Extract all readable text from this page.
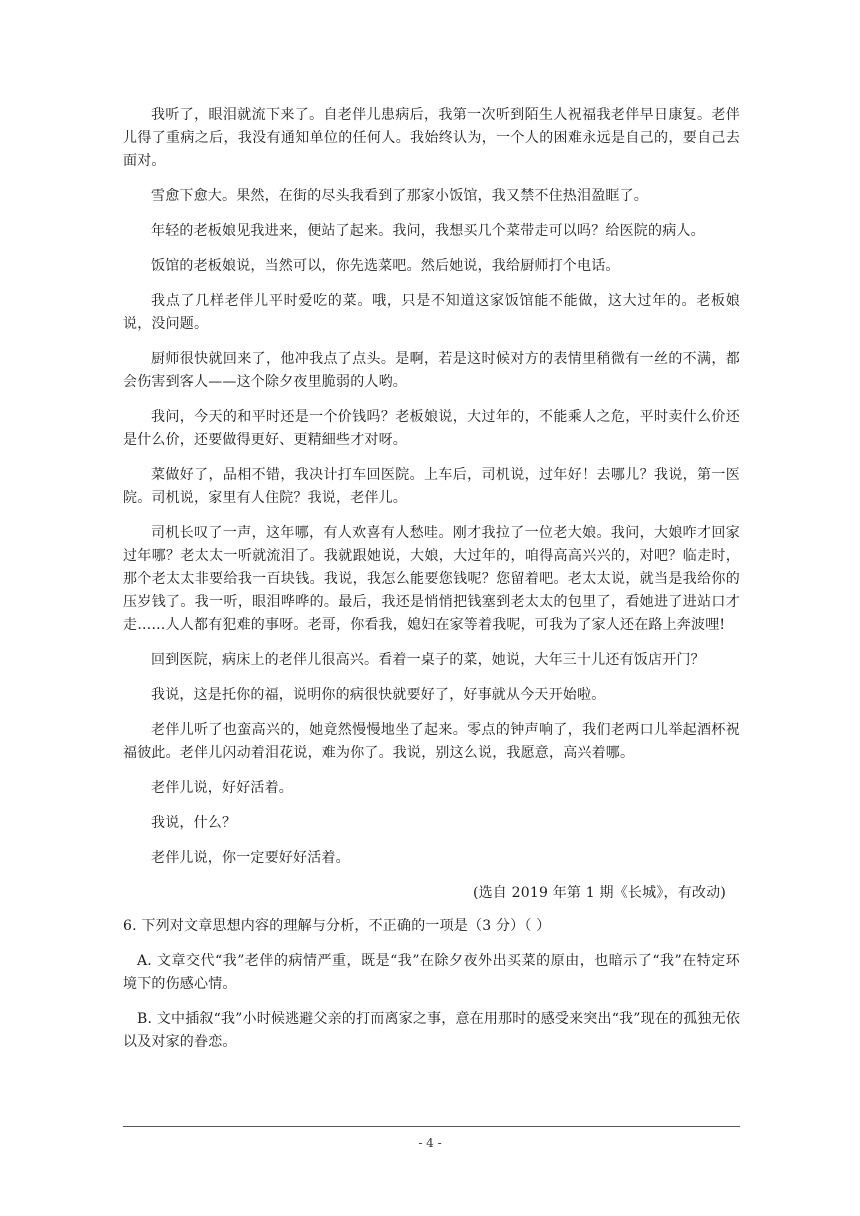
我听了，眼泪就流下来了。自老伴儿患病后，我第一次听到陌生人祝福我老伴早日康复。老伴儿得了重病之后，我没有通知单位的任何人。我始终认为，一个人的困难永远是自己的，要自己去面对。

雪愈下愈大。果然，在街的尽头我看到了那家小饭馆，我又禁不住热泪盈眶了。

年轻的老板娘见我进来，便站了起来。我问，我想买几个菜带走可以吗？给医院的病人。

饭馆的老板娘说，当然可以，你先选菜吧。然后她说，我给厨师打个电话。

我点了几样老伴儿平时爱吃的菜。哦，只是不知道这家饭馆能不能做，这大过年的。老板娘说，没问题。

厨师很快就回来了，他冲我点了点头。是啊，若是这时候对方的表情里稍微有一丝的不满，都会伤害到客人——这个除夕夜里脆弱的人哟。

我问，今天的和平时还是一个价钱吗？老板娘说，大过年的，不能乘人之危，平时卖什么价还是什么价，还要做得更好、更精細些才对呀。

菜做好了，品相不错，我决计打车回医院。上车后，司机说，过年好！去哪儿？我说，第一医院。司机说，家里有人住院？我说，老伴儿。

司机长叹了一声，这年哪，有人欢喜有人愁哇。刚才我拉了一位老大娘。我问，大娘咋才回家过年哪？老太太一听就流泪了。我就跟她说，大娘，大过年的，咱得高高兴兴的，对吧？临走时，那个老太太非要给我一百块钱。我说，我怎么能要您钱呢？您留着吧。老太太说，就当是我给你的压岁钱了。我一听，眼泪哗哗的。最后，我还是悄悄把钱塞到老太太的包里了，看她进了进站口才走……人人都有犯难的事呀。老哥，你看我，媳妇在家等着我呢，可我为了家人还在路上奔波哩!

回到医院，病床上的老伴儿很高兴。看着一桌子的菜，她说，大年三十儿还有饭店开门？

我说，这是托你的福，说明你的病很快就要好了，好事就从今天开始啦。

老伴儿听了也蛮高兴的，她竟然慢慢地坐了起来。零点的钟声响了，我们老两口儿举起酒杯祝福彼此。老伴儿闪动着泪花说，难为你了。我说，别这么说，我愿意，高兴着哪。

老伴儿说，好好活着。

我说，什么？

老伴儿说，你一定要好好活着。

(选自 2019 年第 1 期《长城》，有改动)

6. 下列对文章思想内容的理解与分析，不正确的一项是（3 分）（ ）

A. 文章交代“我”老伴的病情严重，既是“我”在除夕夜外出买菜的原由，也暗示了“我”在特定环境下的伤感心情。

B. 文中插叙“我”小时候逃避父亲的打而离家之事，意在用那时的感受来突出“我”现在的孤独无依以及对家的眷恋。

- 4 -
